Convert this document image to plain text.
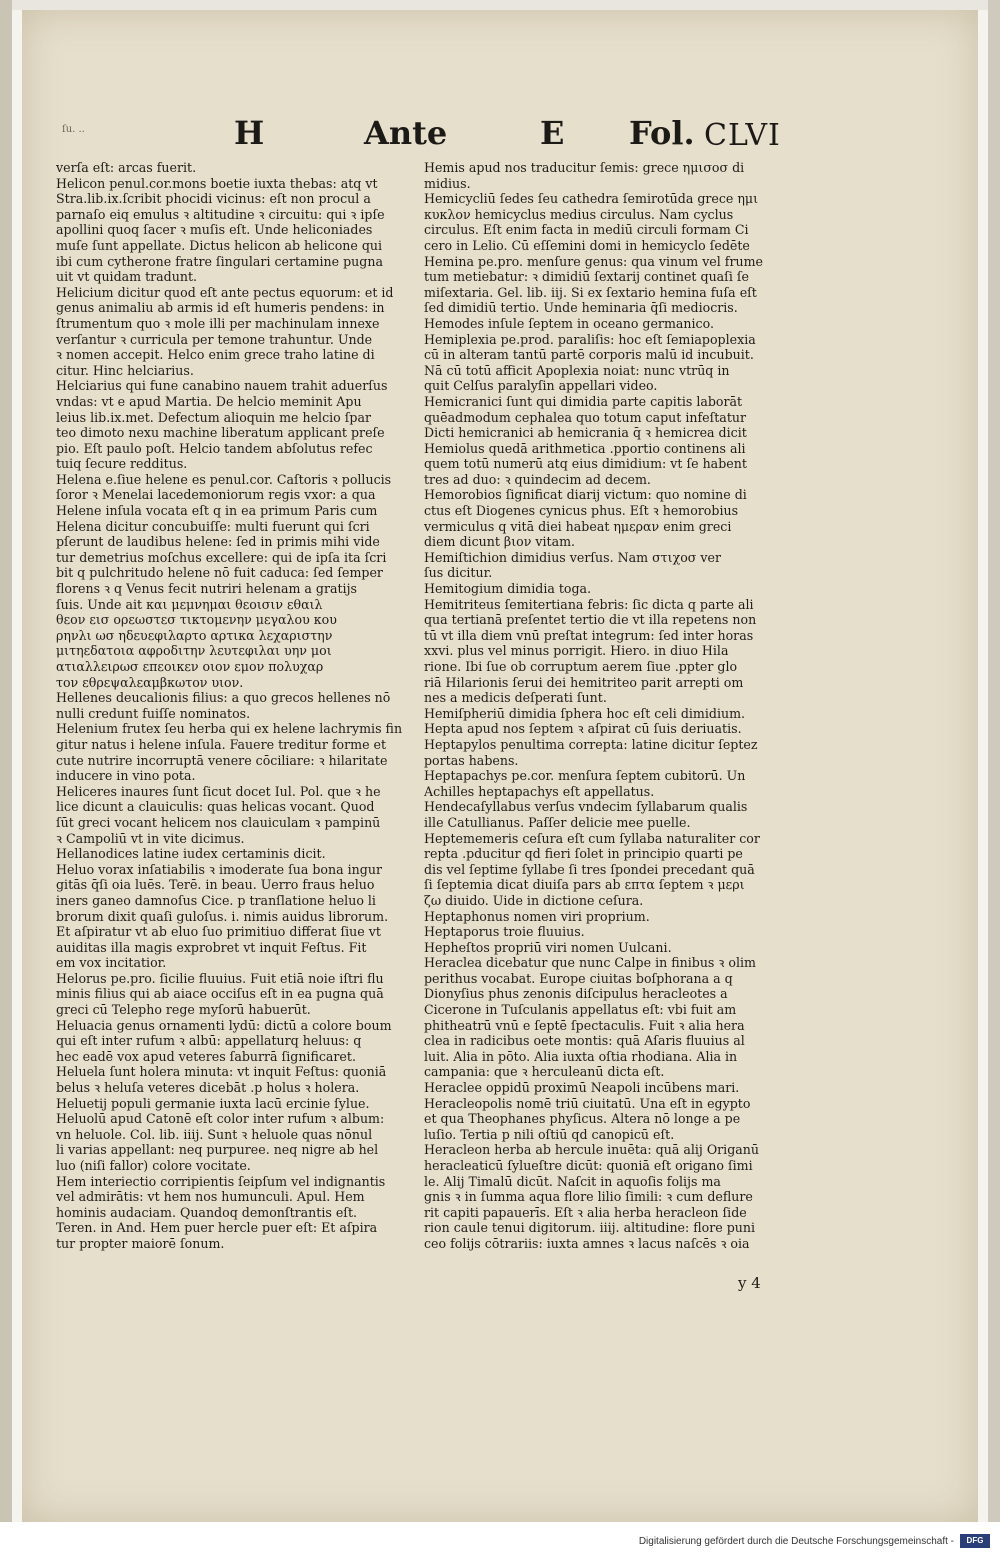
ſu. ..	H	Ante	E Fol. CLVI
verſa eſt: arcas fuerit.
Helicon penul.cor.mons boetie iuxta thebas: atq vt
Stra.lib.ix.ſcribit phocidi vicinus: eſt non procul a
parnaſo eiq emulus ꝛ altitudine ꝛ circuitu: qui ꝛ ipſe
apollini quoq ſacer ꝛ muſis eſt. Unde heliconiades
muſe ſunt appellate. Dictus helicon ab helicone qui
ibi cum cytherone fratre ſingulari certamine pugna
uit vt quidam tradunt.
Helicium dicitur quod eſt ante pectus equorum: et id
genus animaliu ab armis id eſt humeris pendens: in
ſtrumentum quo ꝛ mole illi per machinulam innexe
verſantur ꝛ curricula per temone trahuntur. Unde
ꝛ nomen accepit. Helco enim grece traho latine di
citur. Hinc helciarius.
Helciarius qui fune canabino nauem trahit aduerſus
vndas: vt e apud Martia. De helcio meminit Apu
leius lib.ix.met. Defectum alioquin me helcio ſpar
teo dimoto nexu machine liberatum applicant preſe
pio. Eſt paulo poſt. Helcio tandem abſolutus refec
tuiq ſecure redditus.
Helena e.ſiue helene es penul.cor. Caſtoris ꝛ pollucis
ſoror ꝛ Menelai lacedemoniorum regis vxor: a qua
Helene inſula vocata eſt q in ea primum Paris cum
Helena dicitur concubuiſſe: multi fuerunt qui ſcri
pſerunt de laudibus helene: ſed in primis mihi vide
tur demetrius moſchus excellere: qui de ipſa ita ſcri
bit q pulchritudo helene nō fuit caduca: ſed ſemper
florens ꝛ q Venus fecit nutriri helenam a gratijs
ſuis. Unde ait και μεμνημαι θεοισιν εθαιλ
θεον εισ ορεωστεσ τικτομενην μεγαλου κου
ρηνλι ωσ ηδευεφιλαρτο αρτικα λεχαριστην
μιτηεδατοια αφροδιτην λευτεφιλαι υην μοι
ατιαλλειρωσ επεοικεν οιον εμον πολυχαρ
τον εθρεψαλεαμβκωτον υιον.
Hellenes deucalionis filius: a quo grecos hellenes nō
nulli credunt fuiſſe nominatos.
Helenium frutex ſeu herba qui ex helene lachrymis fin
gitur natus i helene inſula. Fauere treditur forme et
cute nutrire incorruptā venere cōciliare: ꝛ hilaritate
inducere in vino pota.
Heliceres inaures ſunt ſicut docet Iul. Pol. que ꝛ he
lice dicunt a clauiculis: quas helicas vocant. Quod
ſūt greci vocant helicem nos clauiculam ꝛ pampinū
ꝛ Campoliū vt in vite dicimus.
Hellanodices latine iudex certaminis dicit.
Heluo vorax inſatiabilis ꝛ imoderate ſua bona ingur
gitās q̄ſi oia luēs. Terē. in beau. Uerro fraus heluo
iners ganeo damnoſus Cice. p tranſlatione heluo li
brorum dixit quaſi guloſus. i. nimis auidus librorum.
Et aſpiratur vt ab eluo ſuo primitiuo differat ſiue vt
auiditas illa magis exprobret vt inquit Feſtus. Fit
em vox incitatior.
Helorus pe.pro. ſicilie fluuius. Fuit etiā noie iſtri flu
minis filius qui ab aiace occiſus eſt in ea pugna quā
greci cū Telepho rege myſorū habuerūt.
Heluacia genus ornamenti lydū: dictū a colore boum
qui eſt inter rufum ꝛ albū: appellaturq heluus: q
hec eadē vox apud veteres ſaburrā ſignificaret.
Heluela ſunt holera minuta: vt inquit Feſtus: quoniā
belus ꝛ heluſa veteres dicebāt .p holus ꝛ holera.
Heluetij populi germanie iuxta lacū ercinie ſylue.
Heluolū apud Catonē eſt color inter rufum ꝛ album:
vn heluole. Col. lib. iiij. Sunt ꝛ heluole quas nōnul
li varias appellant: neq purpuree. neq nigre ab hel
luo (niſi fallor) colore vocitate.
Hem interiectio corripientis ſeipſum vel indignantis
vel admirātis: vt hem nos humunculi. Apul. Hem
hominis audaciam. Quandoq demonſtrantis eſt.
Teren. in And. Hem puer hercle puer eſt: Et aſpira
tur propter maiorē ſonum.
Hemis apud nos traducitur ſemis: grece ημισοσ di
midius.
Hemicycliū ſedes ſeu cathedra ſemirotūda grece ημι
κυκλον hemicyclus medius circulus. Nam cyclus
circulus. Eſt enim facta in mediū circuli formam Ci
cero in Lelio. Cū eſſemini domi in hemicyclo ſedēte
Hemina pe.pro. menſure genus: qua vinum vel frume
tum metiebatur: ꝛ dimidiū ſextarij continet quaſi ſe
miſextaria. Gel. lib. iij. Si ex ſextario hemina fuſa eſt
ſed dimidiū tertio. Unde heminaria q̄ſi mediocris.
Hemodes inſule ſeptem in oceano germanico.
Hemiplexia pe.prod. paraliſis: hoc eſt ſemiapoplexia
cū in alteram tantū partē corporis malū id incubuit.
Nā cū totū afficit Apoplexia noiat: nunc vtrūq in
quit Celſus paralyſin appellari video.
Hemicranici ſunt qui dimidia parte capitis laborāt
quēadmodum cephalea quo totum caput infeſtatur
Dicti hemicranici ab hemicrania q̄ ꝛ hemicrea dicit
Hemiolus quedā arithmetica .pportio continens ali
quem totū numerū atq eius dimidium: vt ſe habent
tres ad duo: ꝛ quindecim ad decem.
Hemorobios ſignificat diarij victum: quo nomine di
ctus eſt Diogenes cynicus phus. Eſt ꝛ hemorobius
vermiculus q vitā diei habeat ημεραν enim greci
diem dicunt βιον vitam.
Hemiſtichion dimidius verſus. Nam στιχοσ ver
ſus dicitur.
Hemitogium dimidia toga.
Hemitriteus ſemitertiana febris: ſic dicta q parte ali
qua tertianā preſentet tertio die vt illa repetens non
tū vt illa diem vnū preſtat integrum: ſed inter horas
xxvi. plus vel minus porrigit. Hiero. in diuo Hila
rione. Ibi ſue ob corruptum aerem ſiue .ppter glo
riā Hilarionis ſerui dei hemitriteo parit arrepti om
nes a medicis deſperati ſunt.
Hemiſpheriū dimidia ſphera hoc eſt celi dimidium.
Hepta apud nos ſeptem ꝛ aſpirat cū ſuis deriuatis.
Heptapylos penultima correpta: latine dicitur ſeptez
portas habens.
Heptapachys pe.cor. menſura ſeptem cubitorū. Un
Achilles heptapachys eſt appellatus.
Hendecaſyllabus verſus vndecim ſyllabarum qualis
ille Catullianus. Paſſer delicie mee puelle.
Heptememeris ceſura eſt cum ſyllaba naturaliter cor
repta .pducitur qd fieri ſolet in principio quarti pe
dis vel ſeptime ſyllabe ſi tres ſpondei precedant quā
ſi ſeptemia dicat diuiſa pars ab επτα ſeptem ꝛ μερι
ζω diuido. Uide in dictione ceſura.
Heptaphonus nomen viri proprium.
Heptaporus troie fluuius.
Hepheſtos propriū viri nomen Uulcani.
Heraclea dicebatur que nunc Calpe in finibus ꝛ olim
perithus vocabat. Europe ciuitas boſphorana a q
Dionyſius phus zenonis diſcipulus heracleotes a
Cicerone in Tuſculanis appellatus eſt: vbi fuit am
phitheatrū vnū e ſeptē ſpectaculis. Fuit ꝛ alia hera
clea in radicibus oete montis: quā Aſaris fluuius al
luit. Alia in pōto. Alia iuxta oſtia rhodiana. Alia in
campania: que ꝛ herculeanū dicta eſt.
Heraclee oppidū proximū Neapoli incūbens mari.
Heracleopolis nomē triū ciuitatū. Una eſt in egypto
et qua Theophanes phyſicus. Altera nō longe a pe
luſio. Tertia p nili oſtiū qd canopicū eſt.
Heracleon herba ab hercule inuēta: quā alij Origanū
heracleaticū ſylueſtre dicūt: quoniā eſt origano ſimi
le. Alij Timalū dicūt. Naſcit in aquoſis folijs ma
gnis ꝛ in ſumma aqua flore lilio ſimili: ꝛ cum deflure
rit capiti papauerīs. Eſt ꝛ alia herba heracleon ſide
rion caule tenui digitorum. iiij. altitudine: flore puni
ceo folijs cōtrariis: iuxta amnes ꝛ lacus naſcēs ꝛ oia
y 4
Digitalisierung gefördert durch die Deutsche Forschungsgemeinschaft -	DFG
